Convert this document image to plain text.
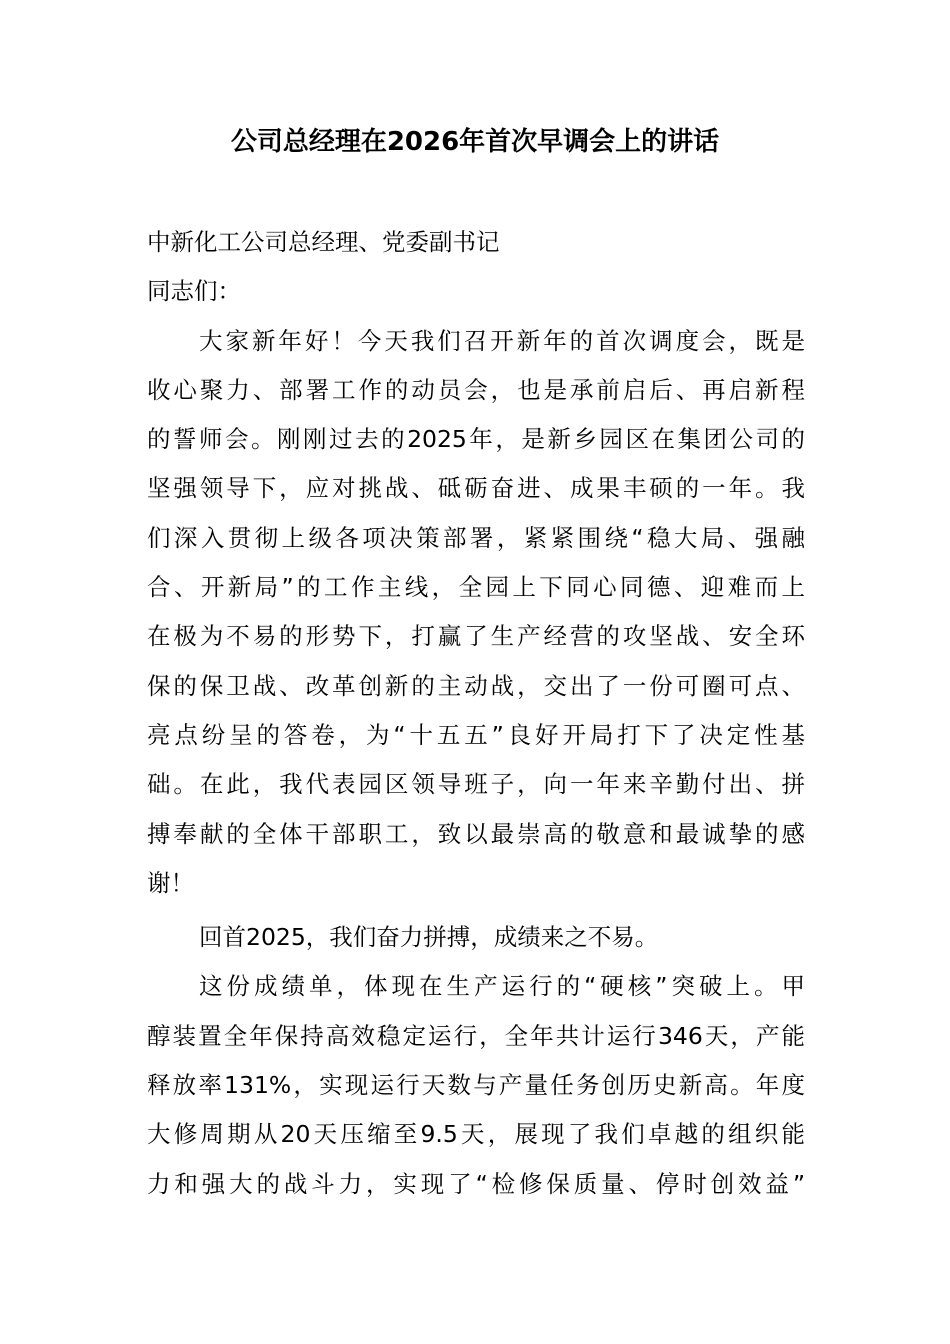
公司总经理在2026年首次早调会上的讲话
中新化工公司总经理、党委副书记
同志们：
大家新年好！今天我们召开新年的首次调度会，既是
收心聚力、部署工作的动员会，也是承前启后、再启新程
的誓师会。刚刚过去的2025年，是新乡园区在集团公司的
坚强领导下，应对挑战、砥砺奋进、成果丰硕的一年。我
们深入贯彻上级各项决策部署，紧紧围绕“稳大局、强融
合、开新局”的工作主线，全园上下同心同德、迎难而上
在极为不易的形势下，打赢了生产经营的攻坚战、安全环
保的保卫战、改革创新的主动战，交出了一份可圈可点、
亮点纷呈的答卷，为“十五五”良好开局打下了决定性基
础。在此，我代表园区领导班子，向一年来辛勤付出、拼
搏奉献的全体干部职工，致以最崇高的敬意和最诚挚的感
谢！
回首2025，我们奋力拼搏，成绩来之不易。
这份成绩单，体现在生产运行的“硬核”突破上。甲
醇装置全年保持高效稳定运行，全年共计运行346天，产能
释放率131%，实现运行天数与产量任务创历史新高。年度
大修周期从20天压缩至9.5天，展现了我们卓越的组织能
力和强大的战斗力，实现了“检修保质量、停时创效益”
